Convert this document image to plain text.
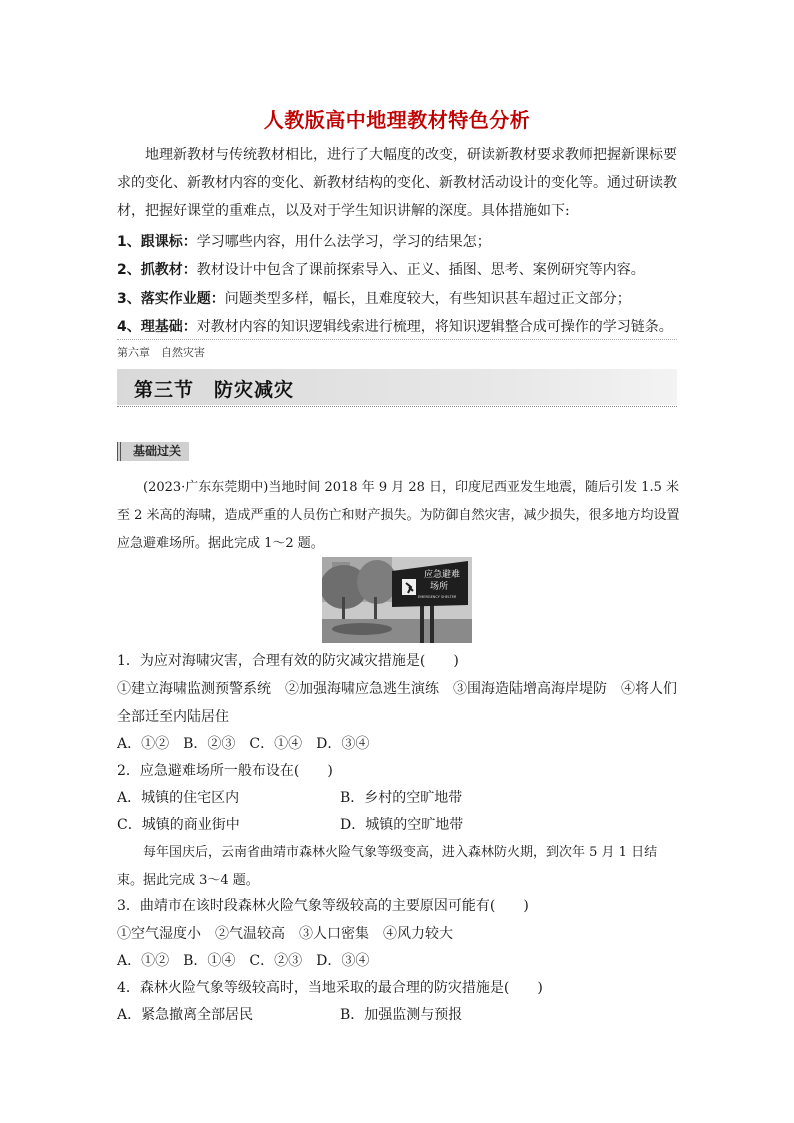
人教版高中地理教材特色分析
地理新教材与传统教材相比，进行了大幅度的改变，研读新教材要求教师把握新课标要求的变化、新教材内容的变化、新教材结构的变化、新教材活动设计的变化等。通过研读教材，把握好课堂的重难点，以及对于学生知识讲解的深度。具体措施如下:
1、跟课标：学习哪些内容，用什么法学习，学习的结果怎；
2、抓教材：教材设计中包含了课前探索导入、正义、插图、思考、案例研究等内容。
3、落实作业题：问题类型多样，幅长，且难度较大，有些知识甚车超过正文部分；
4、理基础：对教材内容的知识逻辑线索进行梳理，将知识逻辑整合成可操作的学习链条。
第六章　自然灾害
第三节　防灾减灾
基础过关
(2023·广东东莞期中)当地时间 2018 年 9 月 28 日，印度尼西亚发生地震，随后引发 1.5 米至 2 米高的海啸，造成严重的人员伤亡和财产损失。为防御自然灾害，减少损失，很多地方均设置应急避难场所。据此完成 1～2 题。
应急避难
场所
EMERGENCY SHELTER
1．为应对海啸灾害，合理有效的防灾减灾措施是(　　)
①建立海啸监测预警系统　②加强海啸应急逃生演练　③围海造陆增高海岸堤防　④将人们
全部迁至内陆居住
A．①②　B．②③　C．①④　D．③④
2．应急避难场所一般布设在(　　)
A．城镇的住宅区内	B．乡村的空旷地带
C．城镇的商业街中	D．城镇的空旷地带
每年国庆后，云南省曲靖市森林火险气象等级变高，进入森林防火期，到次年 5 月 1 日结束。据此完成 3～4 题。
3．曲靖市在该时段森林火险气象等级较高的主要原因可能有(　　)
①空气湿度小　②气温较高　③人口密集　④风力较大
A．①②　B．①④　C．②③　D．③④
4．森林火险气象等级较高时，当地采取的最合理的防灾措施是(　　)
A．紧急撤离全部居民	B．加强监测与预报
